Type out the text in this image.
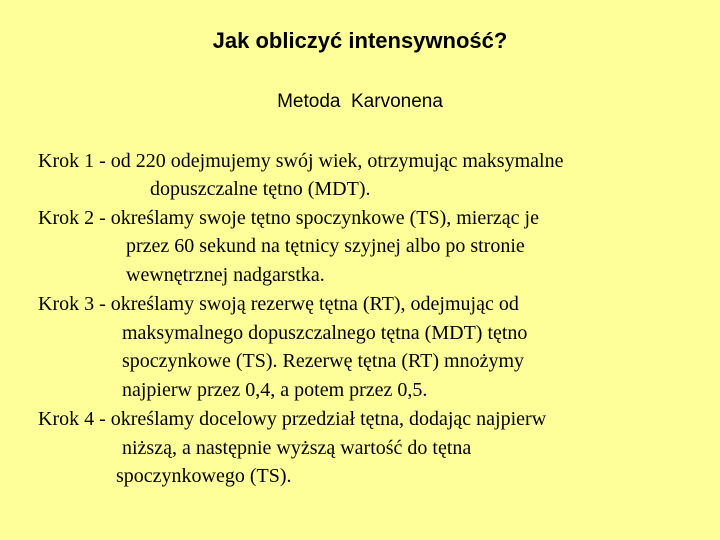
Jak obliczyć intensywność?

Metoda  Karvonena

Krok 1 - od 220 odejmujemy swój wiek, otrzymując maksymalne

dopuszczalne tętno (MDT).

Krok 2 - określamy swoje tętno spoczynkowe (TS), mierząc je

przez 60 sekund na tętnicy szyjnej albo po stronie

wewnętrznej nadgarstka.

Krok 3 - określamy swoją rezerwę tętna (RT), odejmując od

maksymalnego dopuszczalnego tętna (MDT) tętno

spoczynkowe (TS). Rezerwę tętna (RT) mnożymy

najpierw przez 0,4, a potem przez 0,5.

Krok 4 - określamy docelowy przedział tętna, dodając najpierw

niższą, a następnie wyższą wartość do tętna

spoczynkowego (TS).
